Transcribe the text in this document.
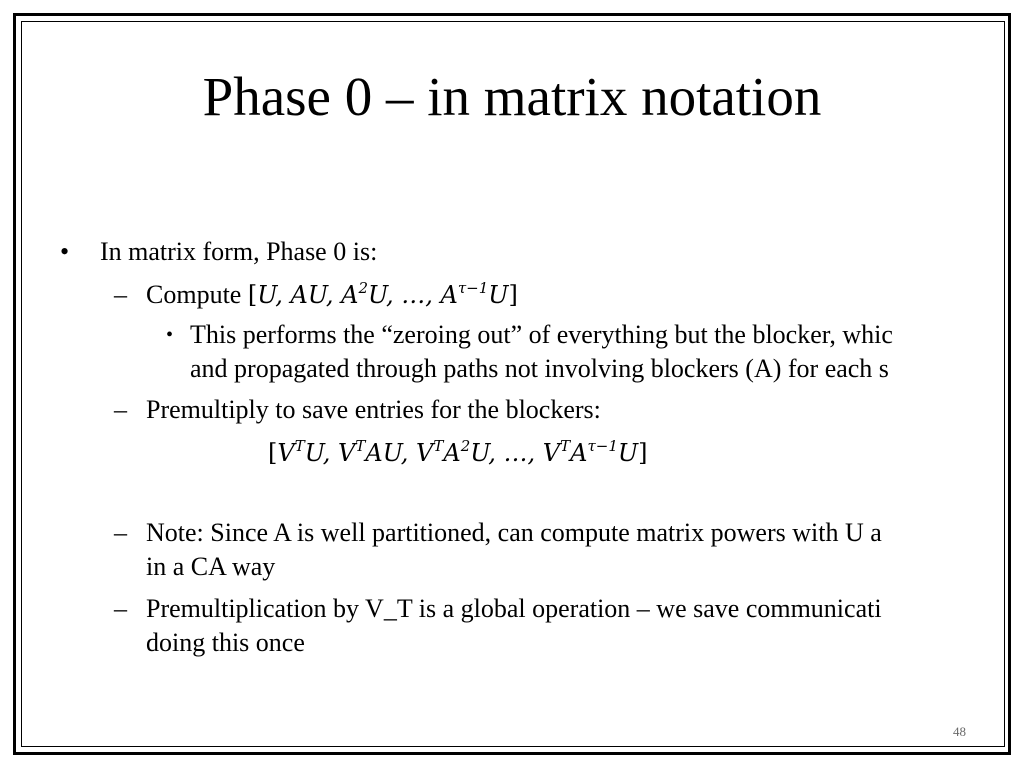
Phase 0 – in matrix notation
• In matrix form, Phase 0 is:
– Compute [U, AU, $A^2U$, …, $A^{\tau-1}U$]
• This performs the “zeroing out” of everything but the blocker, whic
and propagated through paths not involving blockers (A) for each s
– Premultiply to save entries for the blockers:
[$V^TU$, $V^TAU$, $V^TA^2U$, …, $V^TA^{\tau-1}U$]
– Note: Since A is well partitioned, can compute matrix powers with U a
in a CA way
– Premultiplication by V_T is a global operation – we save communicati
doing this once
48
